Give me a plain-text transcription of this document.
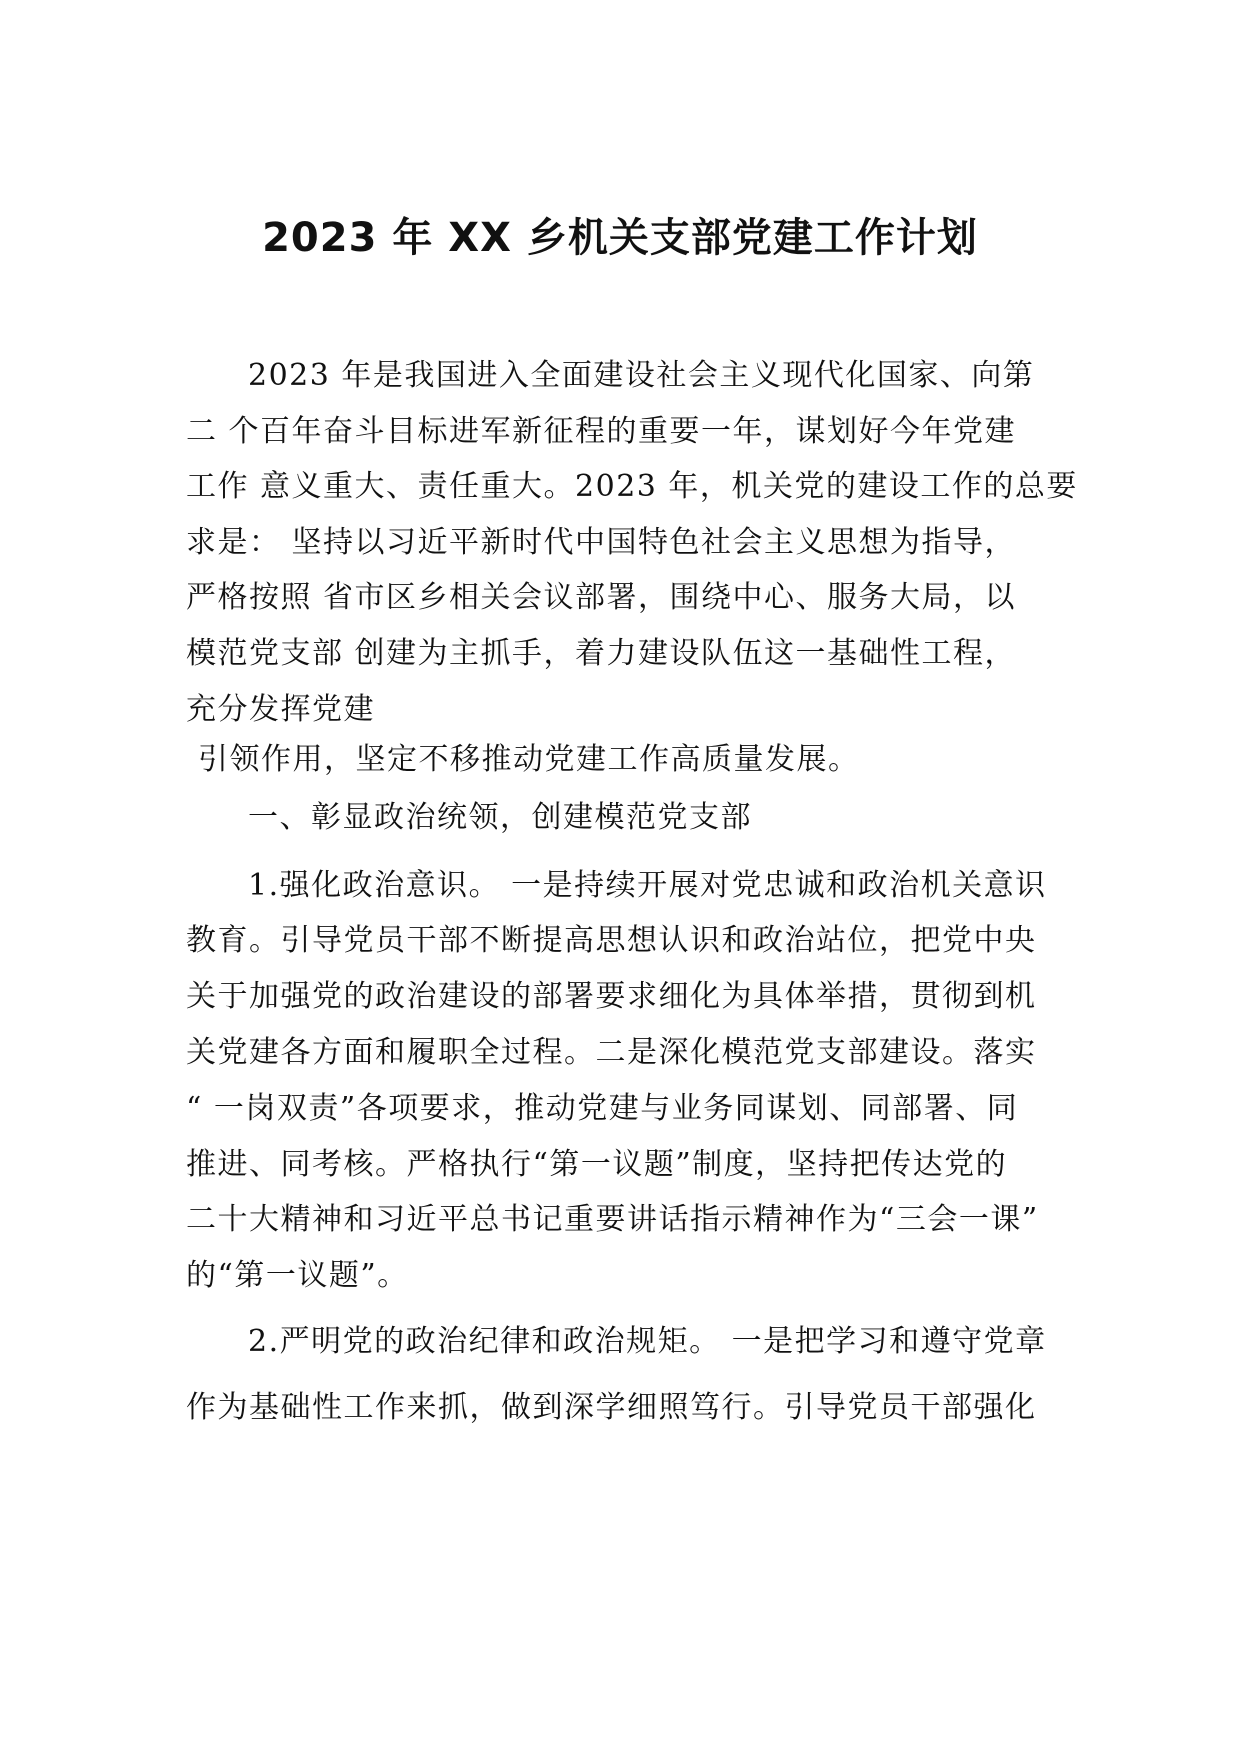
2023 年 XX 乡机关支部党建工作计划
2023 年是我国进入全面建设社会主义现代化国家、向第
二 个百年奋斗目标进军新征程的重要一年，谋划好今年党建
工作 意义重大、责任重大。2023 年，机关党的建设工作的总要
求是： 坚持以习近平新时代中国特色社会主义思想为指导，
严格按照 省市区乡相关会议部署，围绕中心、服务大局，以
模范党支部 创建为主抓手，着力建设队伍这一基础性工程，
充分发挥党建
引领作用，坚定不移推动党建工作高质量发展。
一、彰显政治统领，创建模范党支部
1.强化政治意识。 一是持续开展对党忠诚和政治机关意识
教育。引导党员干部不断提高思想认识和政治站位，把党中央
关于加强党的政治建设的部署要求细化为具体举措，贯彻到机
关党建各方面和履职全过程。二是深化模范党支部建设。落实
“ 一岗双责”各项要求，推动党建与业务同谋划、同部署、同
推进、同考核。严格执行“第一议题”制度，坚持把传达党的
二十大精神和习近平总书记重要讲话指示精神作为“三会一课”
的“第一议题”。
2.严明党的政治纪律和政治规矩。 一是把学习和遵守党章
作为基础性工作来抓，做到深学细照笃行。引导党员干部强化
